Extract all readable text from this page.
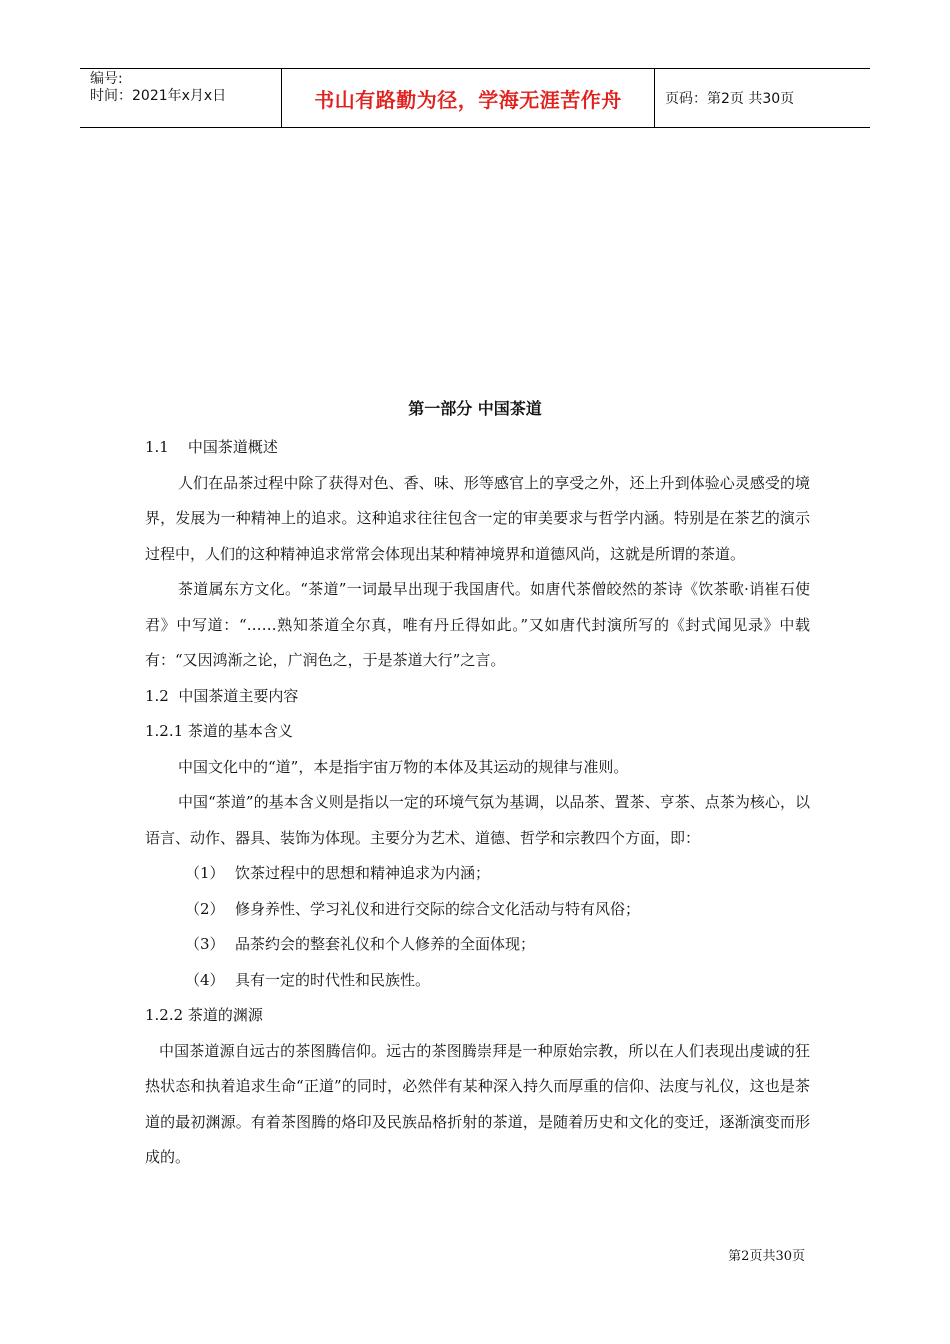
编号:
时间：2021年x月x日	书山有路勤为径，学海无涯苦作舟	页码：第2页 共30页
第一部分 中国茶道

1.1    中国茶道概述

人们在品茶过程中除了获得对色、香、味、形等感官上的享受之外，还上升到体验心灵感受的境界，发展为一种精神上的追求。这种追求往往包含一定的审美要求与哲学内涵。特别是在茶艺的演示过程中，人们的这种精神追求常常会体现出某种精神境界和道德风尚，这就是所谓的茶道。

茶道属东方文化。“茶道”一词最早出现于我国唐代。如唐代茶僧皎然的茶诗《饮茶歌·诮崔石使君》中写道：“……熟知茶道全尔真，唯有丹丘得如此。”又如唐代封演所写的《封式闻见录》中载有：“又因鸿渐之论，广润色之，于是茶道大行”之言。

1.2  中国茶道主要内容

1.2.1 茶道的基本含义

中国文化中的“道”，本是指宇宙万物的本体及其运动的规律与准则。

中国“茶道”的基本含义则是指以一定的环境气氛为基调，以品茶、置茶、亨茶、点茶为核心，以语言、动作、器具、装饰为体现。主要分为艺术、道德、哲学和宗教四个方面，即：

（1） 饮茶过程中的思想和精神追求为内涵；
（2） 修身养性、学习礼仪和进行交际的综合文化活动与特有风俗；
（3） 品茶约会的整套礼仪和个人修养的全面体现；
（4） 具有一定的时代性和民族性。

1.2.2 茶道的渊源

中国茶道源自远古的茶图腾信仰。远古的茶图腾崇拜是一种原始宗教，所以在人们表现出虔诚的狂热状态和执着追求生命“正道”的同时，必然伴有某种深入持久而厚重的信仰、法度与礼仪，这也是茶道的最初渊源。有着茶图腾的烙印及民族品格折射的茶道，是随着历史和文化的变迁，逐渐演变而形成的。

第2页共30页
